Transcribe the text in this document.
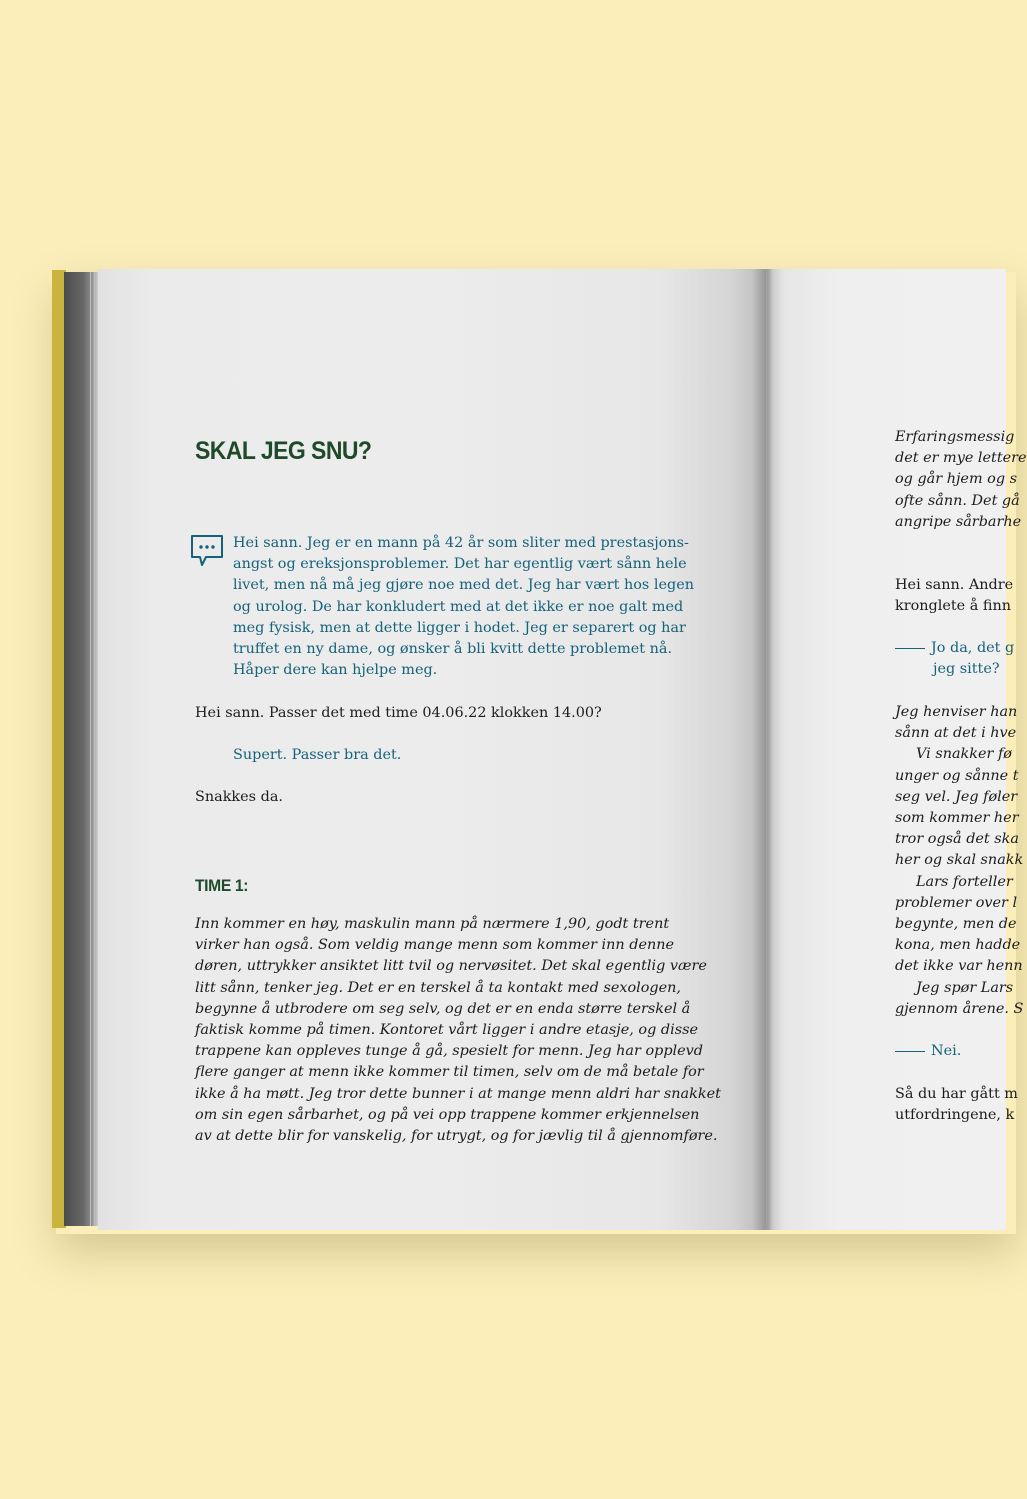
SKAL JEG SNU?
Hei sann. Jeg er en mann på 42 år som sliter med prestasjons-
angst og ereksjonsproblemer. Det har egentlig vært sånn hele
livet, men nå må jeg gjøre noe med det. Jeg har vært hos legen
og urolog. De har konkludert med at det ikke er noe galt med
meg fysisk, men at dette ligger i hodet. Jeg er separert og har
truffet en ny dame, og ønsker å bli kvitt dette problemet nå.
Håper dere kan hjelpe meg.

Hei sann. Passer det med time 04.06.22 klokken 14.00?

Supert. Passer bra det.

Snakkes da.

TIME 1:
Inn kommer en høy, maskulin mann på nærmere 1,90, godt trent
virker han også. Som veldig mange menn som kommer inn denne
døren, uttrykker ansiktet litt tvil og nervøsitet. Det skal egentlig være
litt sånn, tenker jeg. Det er en terskel å ta kontakt med sexologen,
begynne å utbrodere om seg selv, og det er en enda større terskel å
faktisk komme på timen. Kontoret vårt ligger i andre etasje, og disse
trappene kan oppleves tunge å gå, spesielt for menn. Jeg har opplevd
flere ganger at menn ikke kommer til timen, selv om de må betale for
ikke å ha møtt. Jeg tror dette bunner i at mange menn aldri har snakket
om sin egen sårbarhet, og på vei opp trappene kommer erkjennelsen
av at dette blir for vanskelig, for utrygt, og for jævlig til å gjennomføre.
Erfaringsmessig
det er mye lettere
og går hjem og s
ofte sånn. Det gå
angripe sårbarhe
Hei sann. Andre
kronglete å finn
Jo da, det g
jeg sitte?
Jeg henviser han
sånn at det i hve
Vi snakker fø
unger og sånne t
seg vel. Jeg føler
som kommer her
tror også det ska
her og skal snakk
Lars forteller
problemer over l
begynte, men de
kona, men hadde
det ikke var henn
Jeg spør Lars
gjennom årene. S
Nei.
Så du har gått m
utfordringene, k
